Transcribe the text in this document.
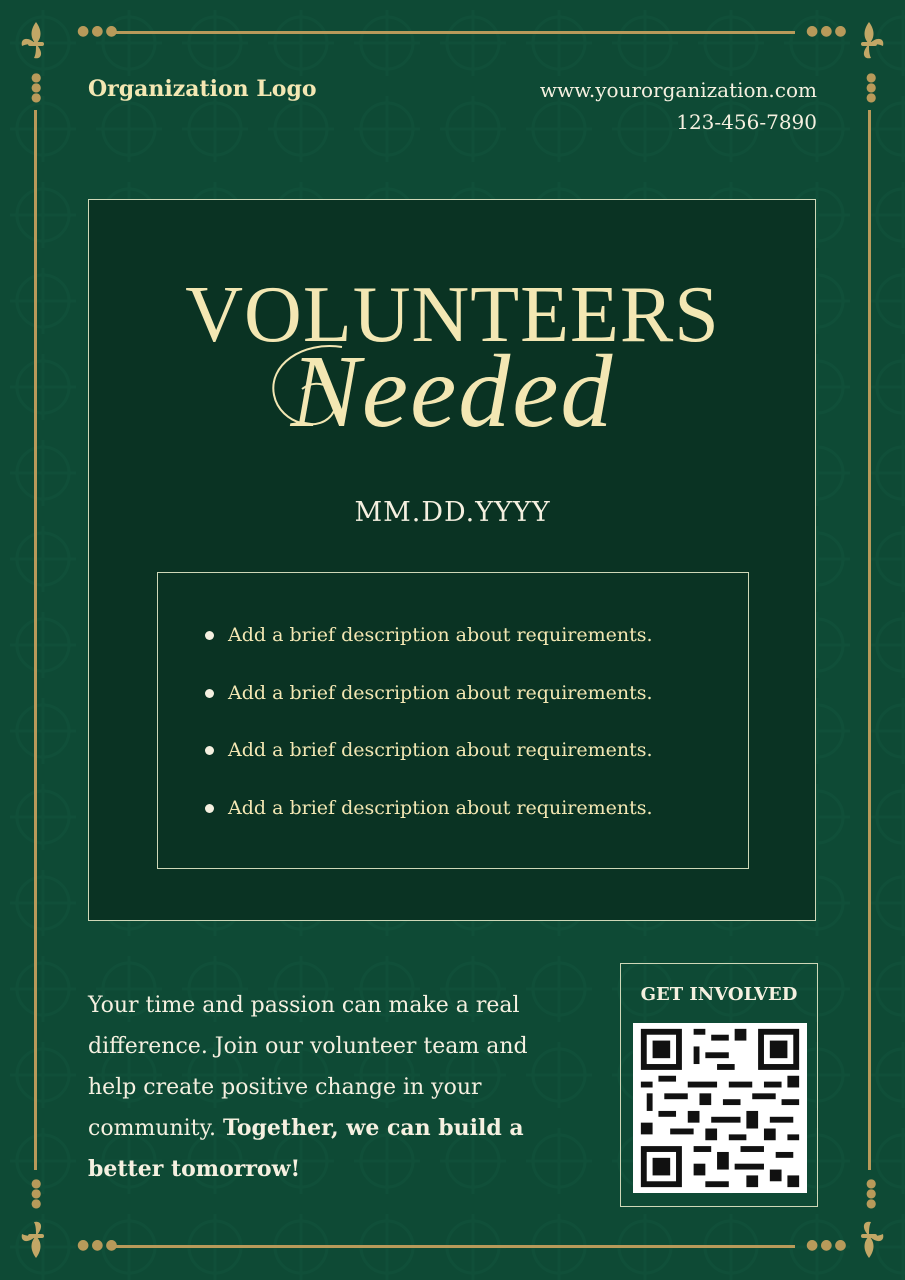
●●●	●●●
●●●	●●●
●
●
●
●
●
●
●
●
●
●
●
●
Organization Logo	www.yourorganization.com
123-456-7890
VOLUNTEERS
Needed
MM.DD.YYYY
Add a brief description about requirements.
Add a brief description about requirements.
Add a brief description about requirements.
Add a brief description about requirements.
Your time and passion can make a real difference. Join our volunteer team and help create positive change in your community. Together, we can build a better tomorrow!
GET INVOLVED
